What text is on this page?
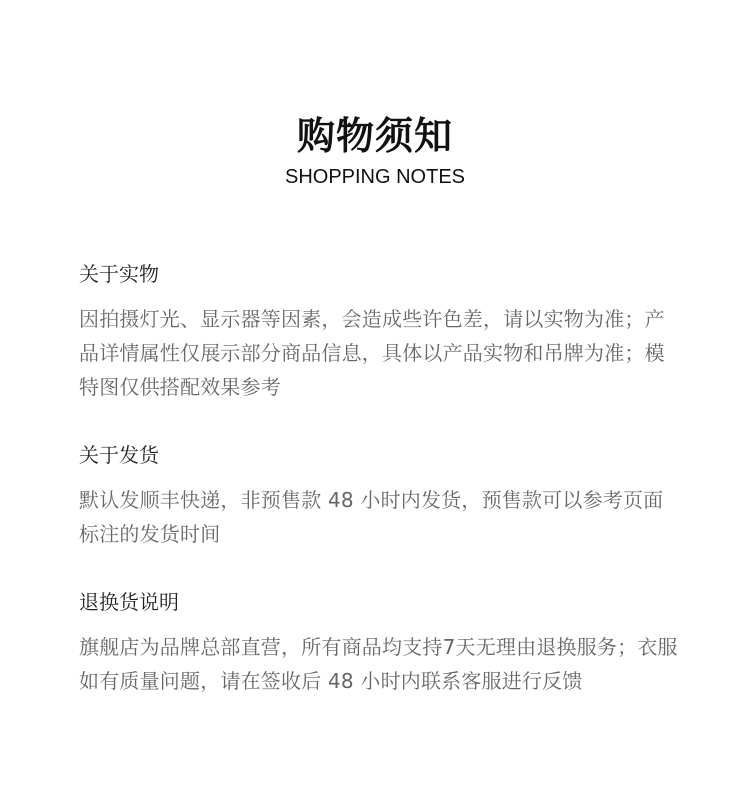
购物须知
SHOPPING NOTES
关于实物
因拍摄灯光、显示器等因素，会造成些许色差，请以实物为准；产品详情属性仅展示部分商品信息，具体以产品实物和吊牌为准；模特图仅供搭配效果参考
关于发货
默认发顺丰快递，非预售款 48 小时内发货，预售款可以参考页面标注的发货时间
退换货说明
旗舰店为品牌总部直营，所有商品均支持7天无理由退换服务；衣服如有质量问题，请在签收后 48 小时内联系客服进行反馈
